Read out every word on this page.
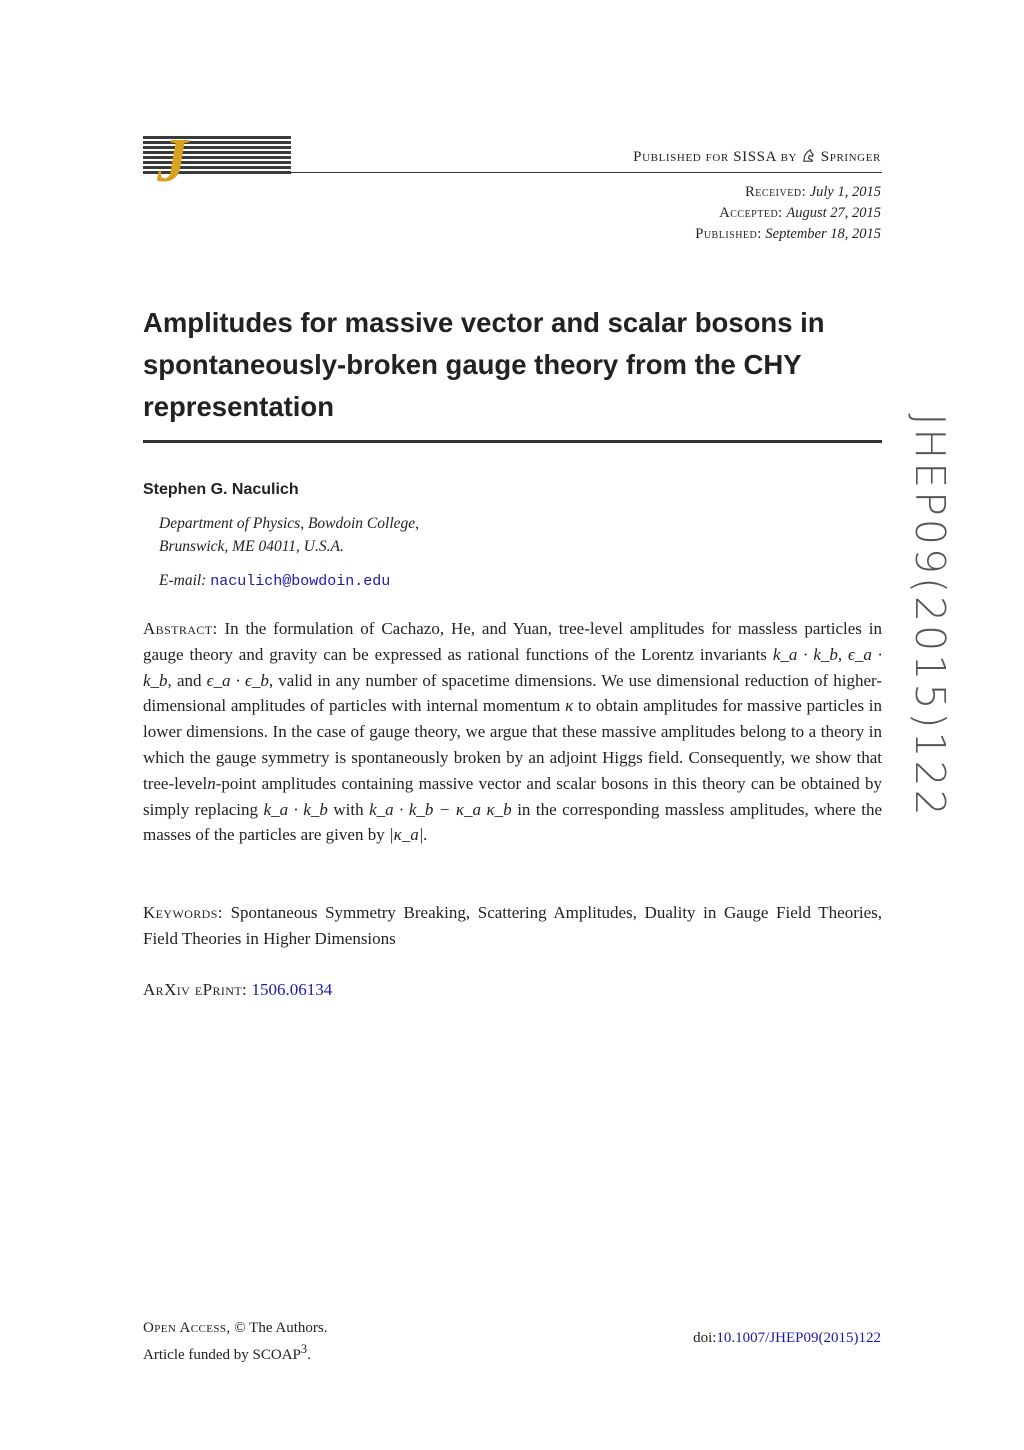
J	Published for SISSA by Springer
Received: July 1, 2015
Accepted: August 27, 2015
Published: September 18, 2015
Amplitudes for massive vector and scalar bosons in
spontaneously-broken gauge theory from the CHY
representation
Stephen G. Naculich
Department of Physics, Bowdoin College,
Brunswick, ME 04011, U.S.A.
E-mail: naculich@bowdoin.edu
Abstract: In the formulation of Cachazo, He, and Yuan, tree-level amplitudes for massless particles in gauge theory and gravity can be expressed as rational functions of the Lorentz invariants k_a · k_b, ϵ_a · k_b, and ϵ_a · ϵ_b, valid in any number of spacetime dimensions. We use dimensional reduction of higher-dimensional amplitudes of particles with internal momentum κ to obtain amplitudes for massive particles in lower dimensions. In the case of gauge theory, we argue that these massive amplitudes belong to a theory in which the gauge symmetry is spontaneously broken by an adjoint Higgs field. Consequently, we show that tree-leveln-point amplitudes containing massive vector and scalar bosons in this theory can be obtained by simply replacing k_a · k_b with k_a · k_b − κ_a κ_b in the corresponding massless amplitudes, where the masses of the particles are given by |κ_a|.
Keywords: Spontaneous Symmetry Breaking, Scattering Amplitudes, Duality in Gauge Field Theories, Field Theories in Higher Dimensions
ArXiv ePrint: 1506.06134
JHEP09(2015)122
Open Access, © The Authors.
Article funded by SCOAP$^3$.
doi:10.1007/JHEP09(2015)122
